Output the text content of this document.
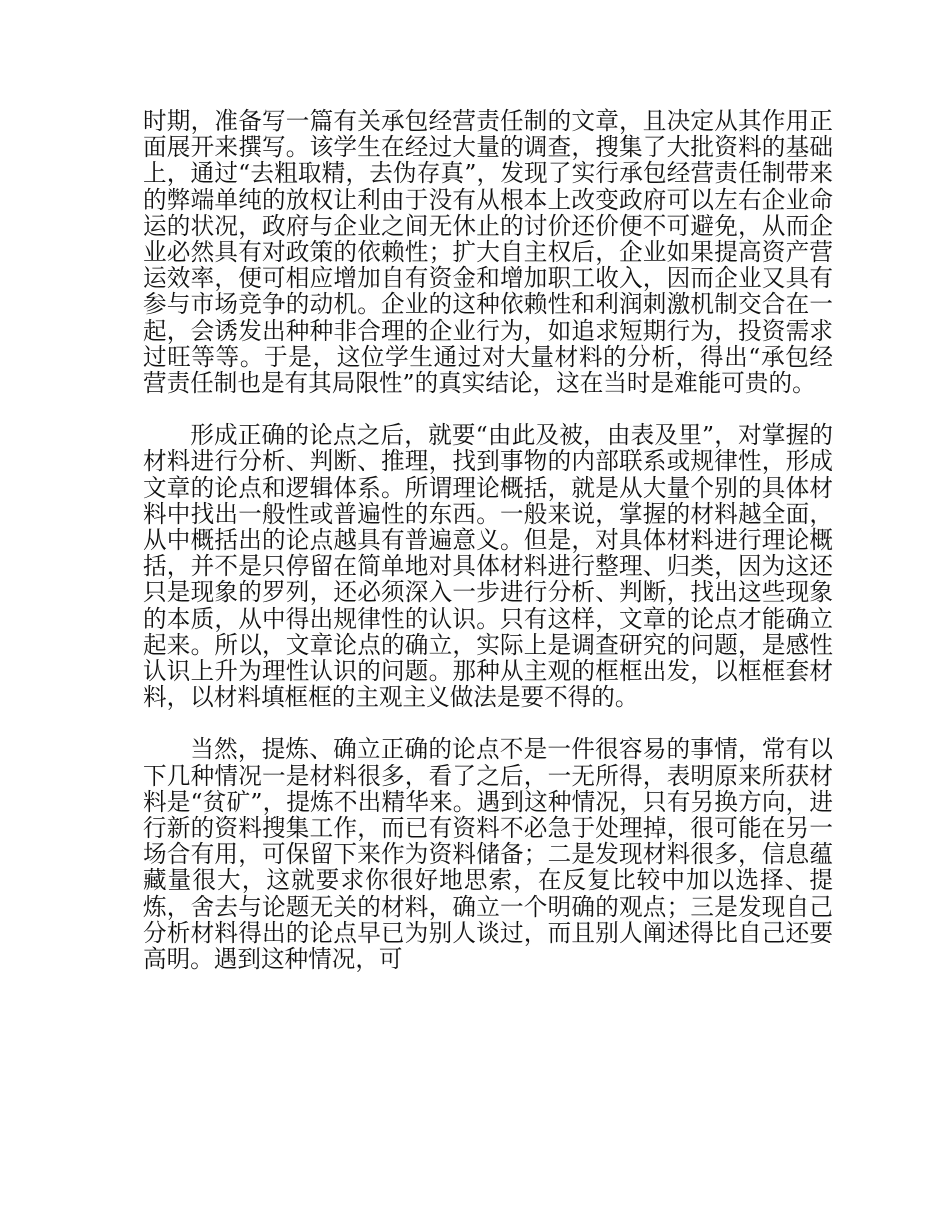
时期，准备写一篇有关承包经营责任制的文章，且决定从其作用正面展开来撰写。该学生在经过大量的调查，搜集了大批资料的基础上，通过“去粗取精，去伪存真”，发现了实行承包经营责任制带来的弊端单纯的放权让利由于没有从根本上改变政府可以左右企业命运的状况，政府与企业之间无休止的讨价还价便不可避免，从而企业必然具有对政策的依赖性；扩大自主权后，企业如果提高资产营运效率，便可相应增加自有资金和增加职工收入，因而企业又具有参与市场竞争的动机。企业的这种依赖性和利润刺激机制交合在一起，会诱发出种种非合理的企业行为，如追求短期行为，投资需求过旺等等。于是，这位学生通过对大量材料的分析，得出“承包经营责任制也是有其局限性”的真实结论，这在当时是难能可贵的。

形成正确的论点之后，就要“由此及被，由表及里”，对掌握的材料进行分析、判断、推理，找到事物的内部联系或规律性，形成文章的论点和逻辑体系。所谓理论概括，就是从大量个别的具体材料中找出一般性或普遍性的东西。一般来说，掌握的材料越全面，从中概括出的论点越具有普遍意义。但是，对具体材料进行理论概括，并不是只停留在简单地对具体材料进行整理、归类，因为这还只是现象的罗列，还必须深入一步进行分析、判断，找出这些现象的本质，从中得出规律性的认识。只有这样，文章的论点才能确立起来。所以，文章论点的确立，实际上是调查研究的问题，是感性认识上升为理性认识的问题。那种从主观的框框出发，以框框套材料，以材料填框框的主观主义做法是要不得的。

当然，提炼、确立正确的论点不是一件很容易的事情，常有以下几种情况一是材料很多，看了之后，一无所得，表明原来所获材料是“贫矿”，提炼不出精华来。遇到这种情况，只有另换方向，进行新的资料搜集工作，而已有资料不必急于处理掉，很可能在另一场合有用，可保留下来作为资料储备；二是发现材料很多，信息蕴藏量很大，这就要求你很好地思索，在反复比较中加以选择、提炼，舍去与论题无关的材料，确立一个明确的观点；三是发现自己分析材料得出的论点早已为别人谈过，而且别人阐述得比自己还要高明。遇到这种情况，可
